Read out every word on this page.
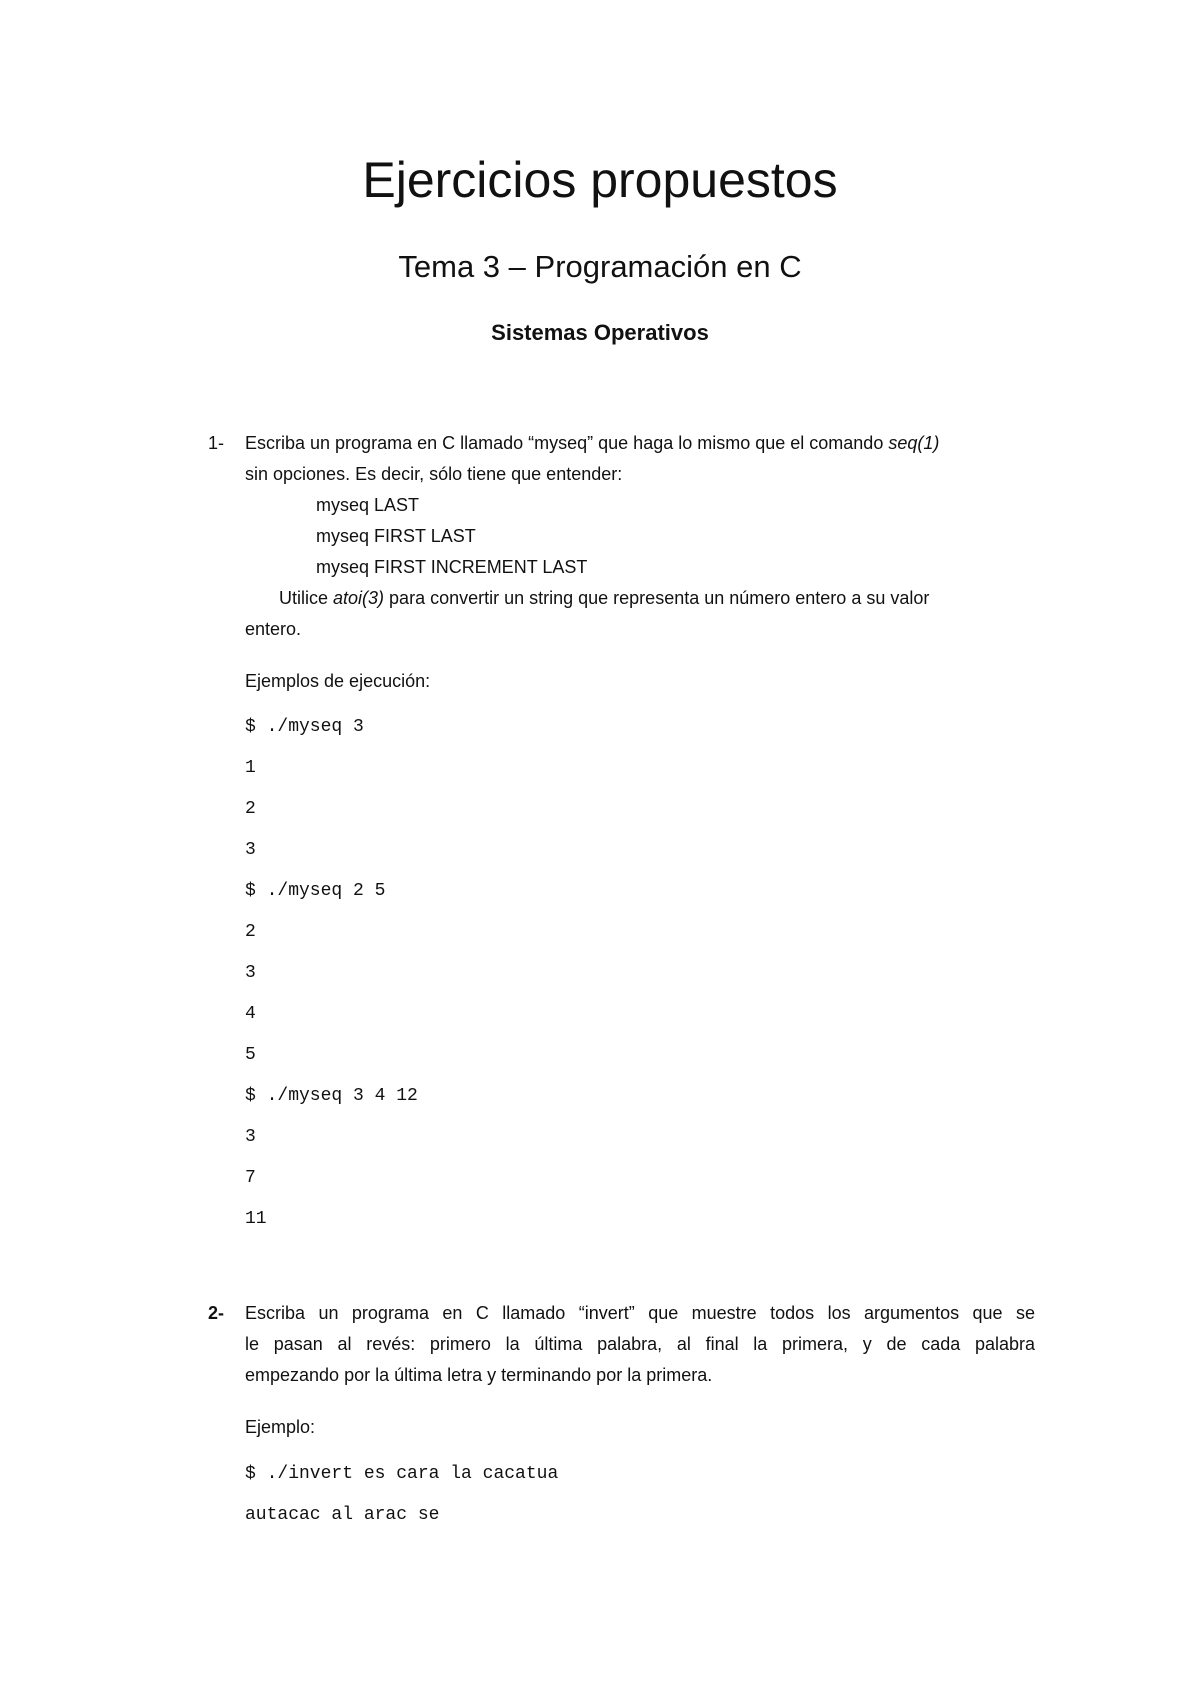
Ejercicios propuestos
Tema 3 – Programación en C
Sistemas Operativos
1- Escriba un programa en C llamado “myseq” que haga lo mismo que el comando seq(1)
sin opciones. Es decir, sólo tiene que entender:
myseq LAST
myseq FIRST LAST
myseq FIRST INCREMENT LAST
Utilice atoi(3) para convertir un string que representa un número entero a su valor
entero.
Ejemplos de ejecución:
$ ./myseq 3
1
2
3
$ ./myseq 2 5
2
3
4
5
$ ./myseq 3 4 12
3
7
11
2- Escriba un programa en C llamado “invert” que muestre todos los argumentos que se
le pasan al revés: primero la última palabra, al final la primera, y de cada palabra
empezando por la última letra y terminando por la primera.
Ejemplo:
$ ./invert es cara la cacatua
autacac al arac se
